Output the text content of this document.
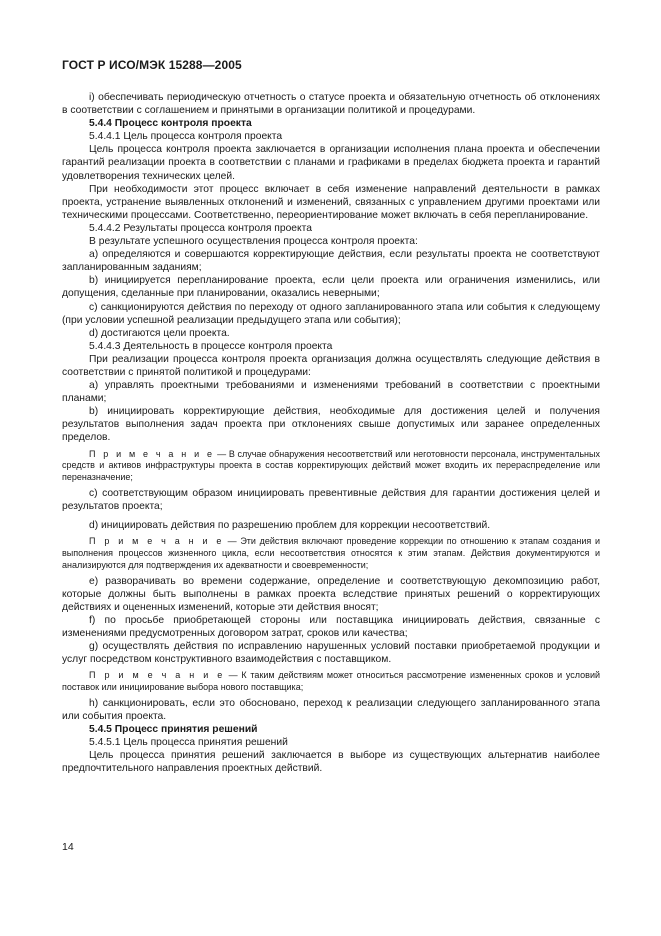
ГОСТ Р ИСО/МЭК 15288—2005

i) обеспечивать периодическую отчетность о статусе проекта и обязательную отчетность об отклонениях в соответствии с соглашением и принятыми в организации политикой и процедурами.

5.4.4 Процесс контроля проекта

5.4.4.1 Цель процесса контроля проекта

Цель процесса контроля проекта заключается в организации исполнения плана проекта и обеспечении гарантий реализации проекта в соответствии с планами и графиками в пределах бюджета проекта и гарантий удовлетворения технических целей.

При необходимости этот процесс включает в себя изменение направлений деятельности в рамках проекта, устранение выявленных отклонений и изменений, связанных с управлением другими проектами или техническими процессами. Соответственно, переориентирование может включать в себя перепланирование.

5.4.4.2 Результаты процесса контроля проекта

В результате успешного осуществления процесса контроля проекта:

а) определяются и совершаются корректирующие действия, если результаты проекта не соответствуют запланированным заданиям;

b) инициируется перепланирование проекта, если цели проекта или ограничения изменились, или допущения, сделанные при планировании, оказались неверными;

c) санкционируются действия по переходу от одного запланированного этапа или события к следующему (при условии успешной реализации предыдущего этапа или события);

d) достигаются цели проекта.

5.4.4.3 Деятельность в процессе контроля проекта

При реализации процесса контроля проекта организация должна осуществлять следующие действия в соответствии с принятой политикой и процедурами:

а) управлять проектными требованиями и изменениями требований в соответствии с проектными планами;

b) инициировать корректирующие действия, необходимые для достижения целей и получения результатов выполнения задач проекта при отклонениях свыше допустимых или заранее определенных пределов.

П р и м е ч а н и е — В случае обнаружения несоответствий или неготовности персонала, инструментальных средств и активов инфраструктуры проекта в состав корректирующих действий может входить их перераспределение или переназначение;

c) соответствующим образом инициировать превентивные действия для гарантии достижения целей и результатов проекта;

d) инициировать действия по разрешению проблем для коррекции несоответствий.

П р и м е ч а н и е — Эти действия включают проведение коррекции по отношению к этапам создания и выполнения процессов жизненного цикла, если несоответствия относятся к этим этапам. Действия документируются и анализируются для подтверждения их адекватности и своевременности;

e) разворачивать во времени содержание, определение и соответствующую декомпозицию работ, которые должны быть выполнены в рамках проекта вследствие принятых решений о корректирующих действиях и оцененных изменений, которые эти действия вносят;

f) по просьбе приобретающей стороны или поставщика инициировать действия, связанные с изменениями предусмотренных договором затрат, сроков или качества;

g) осуществлять действия по исправлению нарушенных условий поставки приобретаемой продукции и услуг посредством конструктивного взаимодействия с поставщиком.

П р и м е ч а н и е — К таким действиям может относиться рассмотрение измененных сроков и условий поставок или инициирование выбора нового поставщика;

h) санкционировать, если это обосновано, переход к реализации следующего запланированного этапа или события проекта.

5.4.5 Процесс принятия решений

5.4.5.1 Цель процесса принятия решений

Цель процесса принятия решений заключается в выборе из существующих альтернатив наиболее предпочтительного направления проектных действий.

14
